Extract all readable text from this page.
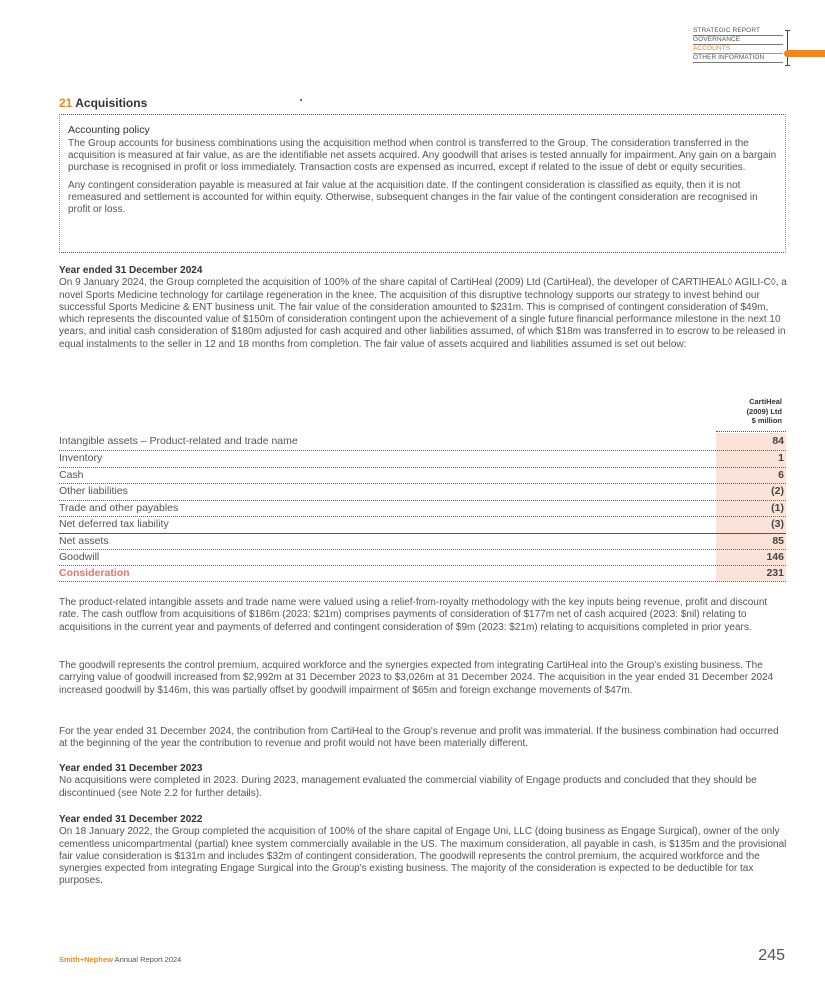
STRATEGIC REPORT
GOVERNANCE
ACCOUNTS
OTHER INFORMATION
21 Acquisitions
Accounting policy

The Group accounts for business combinations using the acquisition method when control is transferred to the Group. The consideration transferred in the acquisition is measured at fair value, as are the identifiable net assets acquired. Any goodwill that arises is tested annually for impairment. Any gain on a bargain purchase is recognised in profit or loss immediately. Transaction costs are expensed as incurred, except if related to the issue of debt or equity securities.

Any contingent consideration payable is measured at fair value at the acquisition date. If the contingent consideration is classified as equity, then it is not remeasured and settlement is accounted for within equity. Otherwise, subsequent changes in the fair value of the contingent consideration are recognised in profit or loss.

Year ended 31 December 2024

On 9 January 2024, the Group completed the acquisition of 100% of the share capital of CartiHeal (2009) Ltd (CartiHeal), the developer of CARTIHEAL◊ AGILI-C◊, a novel Sports Medicine technology for cartilage regeneration in the knee. The acquisition of this disruptive technology supports our strategy to invest behind our successful Sports Medicine & ENT business unit. The fair value of the consideration amounted to $231m. This is comprised of contingent consideration of $49m, which represents the discounted value of $150m of consideration contingent upon the achievement of a single future financial performance milestone in the next 10 years, and initial cash consideration of $180m adjusted for cash acquired and other liabilities assumed, of which $18m was transferred in to escrow to be released in equal instalments to the seller in 12 and 18 months from completion. The fair value of assets acquired and liabilities assumed is set out below:

CartiHeal
(2009) Ltd
$ million
Intangible assets – Product-related and trade name	84
Inventory	1
Cash	6
Other liabilities	(2)
Trade and other payables	(1)
Net deferred tax liability	(3)
Net assets	85
Goodwill	146
Consideration	231

The product-related intangible assets and trade name were valued using a relief-from-royalty methodology with the key inputs being revenue, profit and discount rate. The cash outflow from acquisitions of $186m (2023: $21m) comprises payments of consideration of $177m net of cash acquired (2023: $nil) relating to acquisitions in the current year and payments of deferred and contingent consideration of $9m (2023: $21m) relating to acquisitions completed in prior years.

The goodwill represents the control premium, acquired workforce and the synergies expected from integrating CartiHeal into the Group's existing business. The carrying value of goodwill increased from $2,992m at 31 December 2023 to $3,026m at 31 December 2024. The acquisition in the year ended 31 December 2024 increased goodwill by $146m, this was partially offset by goodwill impairment of $65m and foreign exchange movements of $47m.

For the year ended 31 December 2024, the contribution from CartiHeal to the Group's revenue and profit was immaterial. If the business combination had occurred at the beginning of the year the contribution to revenue and profit would not have been materially different.

Year ended 31 December 2023

No acquisitions were completed in 2023. During 2023, management evaluated the commercial viability of Engage products and concluded that they should be discontinued (see Note 2.2 for further details).

Year ended 31 December 2022

On 18 January 2022, the Group completed the acquisition of 100% of the share capital of Engage Uni, LLC (doing business as Engage Surgical), owner of the only cementless unicompartmental (partial) knee system commercially available in the US. The maximum consideration, all payable in cash, is $135m and the provisional fair value consideration is $131m and includes $32m of contingent consideration. The goodwill represents the control premium, the acquired workforce and the synergies expected from integrating Engage Surgical into the Group's existing business. The majority of the consideration is expected to be deductible for tax purposes.

Smith+Nephew Annual Report 2024	245
